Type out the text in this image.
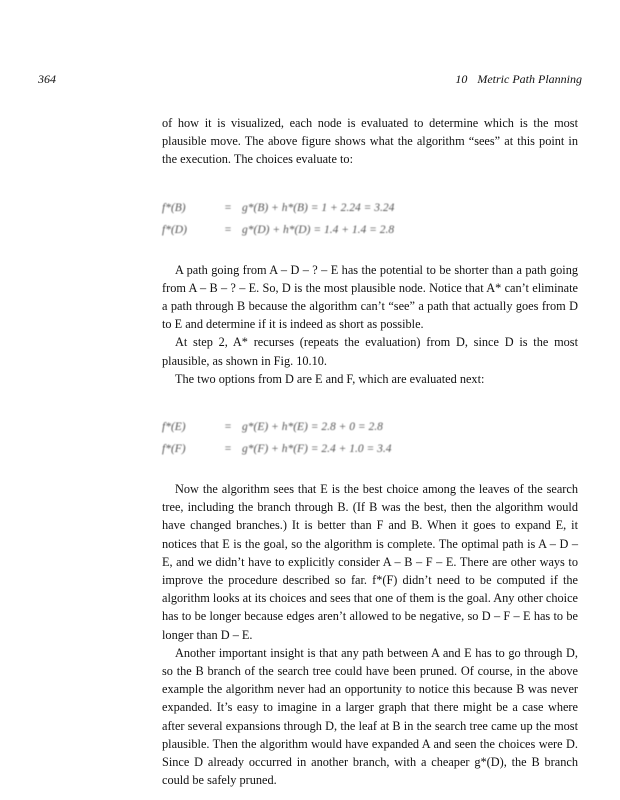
364	10 Metric Path Planning

of how it is visualized, each node is evaluated to determine which is the most plausible move. The above figure shows what the algorithm “sees” at this point in the execution. The choices evaluate to:

f*(B)	= g*(B) + h*(B) = 1 + 2.24 = 3.24
f*(D)	= g*(D) + h*(D) = 1.4 + 1.4 = 2.8

A path going from A – D – ? – E has the potential to be shorter than a path going from A – B – ? – E. So, D is the most plausible node. Notice that A* can’t eliminate a path through B because the algorithm can’t “see” a path that actually goes from D to E and determine if it is indeed as short as possible.

At step 2, A* recurses (repeats the evaluation) from D, since D is the most plausible, as shown in Fig. 10.10.

The two options from D are E and F, which are evaluated next:

f*(E)	= g*(E) + h*(E) = 2.8 + 0 = 2.8
f*(F)	= g*(F) + h*(F) = 2.4 + 1.0 = 3.4

Now the algorithm sees that E is the best choice among the leaves of the search tree, including the branch through B. (If B was the best, then the algorithm would have changed branches.) It is better than F and B. When it goes to expand E, it notices that E is the goal, so the algorithm is complete. The optimal path is A – D – E, and we didn’t have to explicitly consider A – B – F – E. There are other ways to improve the procedure described so far. f*(F) didn’t need to be computed if the algorithm looks at its choices and sees that one of them is the goal. Any other choice has to be longer because edges aren’t allowed to be negative, so D – F – E has to be longer than D – E.

Another important insight is that any path between A and E has to go through D, so the B branch of the search tree could have been pruned. Of course, in the above example the algorithm never had an opportunity to notice this because B was never expanded. It’s easy to imagine in a larger graph that there might be a case where after several expansions through D, the leaf at B in the search tree came up the most plausible. Then the algorithm would have expanded A and seen the choices were D. Since D already occurred in another branch, with a cheaper g*(D), the B branch could be safely pruned.
